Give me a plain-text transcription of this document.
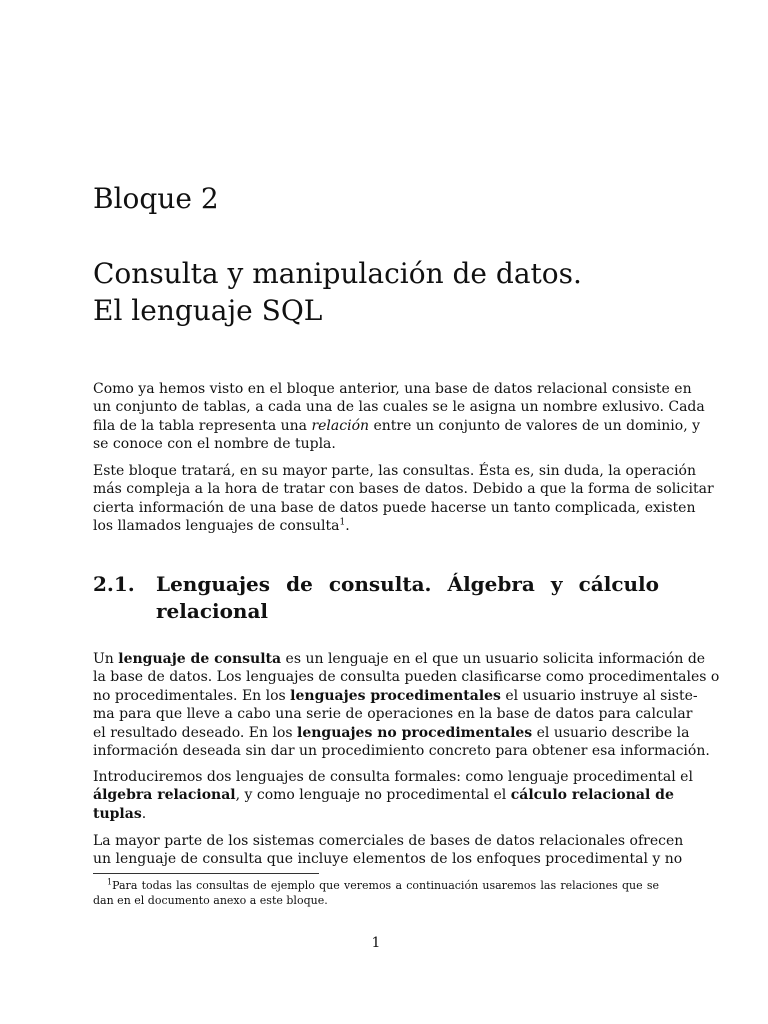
Bloque 2
Consulta y manipulación de datos.
El lenguaje SQL

Como ya hemos visto en el bloque anterior, una base de datos relacional consiste en
un conjunto de tablas, a cada una de las cuales se le asigna un nombre exlusivo. Cada
fila de la tabla representa una relación entre un conjunto de valores de un dominio, y
se conoce con el nombre de tupla.

Este bloque tratará, en su mayor parte, las consultas. Ésta es, sin duda, la operación
más compleja a la hora de tratar con bases de datos. Debido a que la forma de solicitar
cierta información de una base de datos puede hacerse un tanto complicada, existen
los llamados lenguajes de consulta$^1$.

2.1. Lenguajes de consulta. Álgebra y cálculo
relacional

Un lenguaje de consulta es un lenguaje en el que un usuario solicita información de
la base de datos. Los lenguajes de consulta pueden clasificarse como procedimentales o
no procedimentales. En los lenguajes procedimentales el usuario instruye al siste-
ma para que lleve a cabo una serie de operaciones en la base de datos para calcular
el resultado deseado. En los lenguajes no procedimentales el usuario describe la
información deseada sin dar un procedimiento concreto para obtener esa información.

Introduciremos dos lenguajes de consulta formales: como lenguaje procedimental el
álgebra relacional, y como lenguaje no procedimental el cálculo relacional de
tuplas.

La mayor parte de los sistemas comerciales de bases de datos relacionales ofrecen
un lenguaje de consulta que incluye elementos de los enfoques procedimental y no

$^1$Para todas las consultas de ejemplo que veremos a continuación usaremos las relaciones que se
dan en el documento anexo a este bloque.

1
